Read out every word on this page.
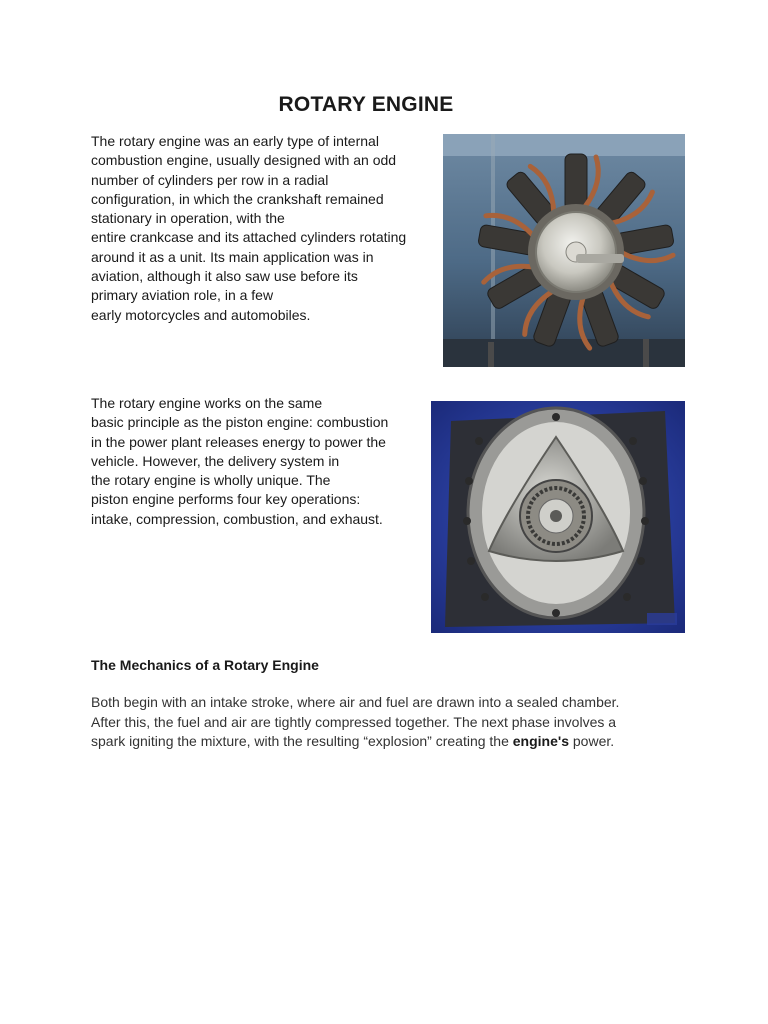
ROTARY ENGINE

The rotary engine was an early type of internal
combustion engine, usually designed with an odd
number of cylinders per row in a radial
configuration, in which the crankshaft remained
stationary in operation, with the
entire crankcase and its attached cylinders rotating
around it as a unit. Its main application was in
aviation, although it also saw use before its
primary aviation role, in a few
early motorcycles and automobiles.

The rotary engine works on the same
basic principle as the piston engine: combustion
in the power plant releases energy to power the
vehicle. However, the delivery system in
the rotary engine is wholly unique. The
piston engine performs four key operations:
intake, compression, combustion, and exhaust.

The Mechanics of a Rotary Engine

Both begin with an intake stroke, where air and fuel are drawn into a sealed chamber.
After this, the fuel and air are tightly compressed together. The next phase involves a
spark igniting the mixture, with the resulting “explosion” creating the engine's power.
